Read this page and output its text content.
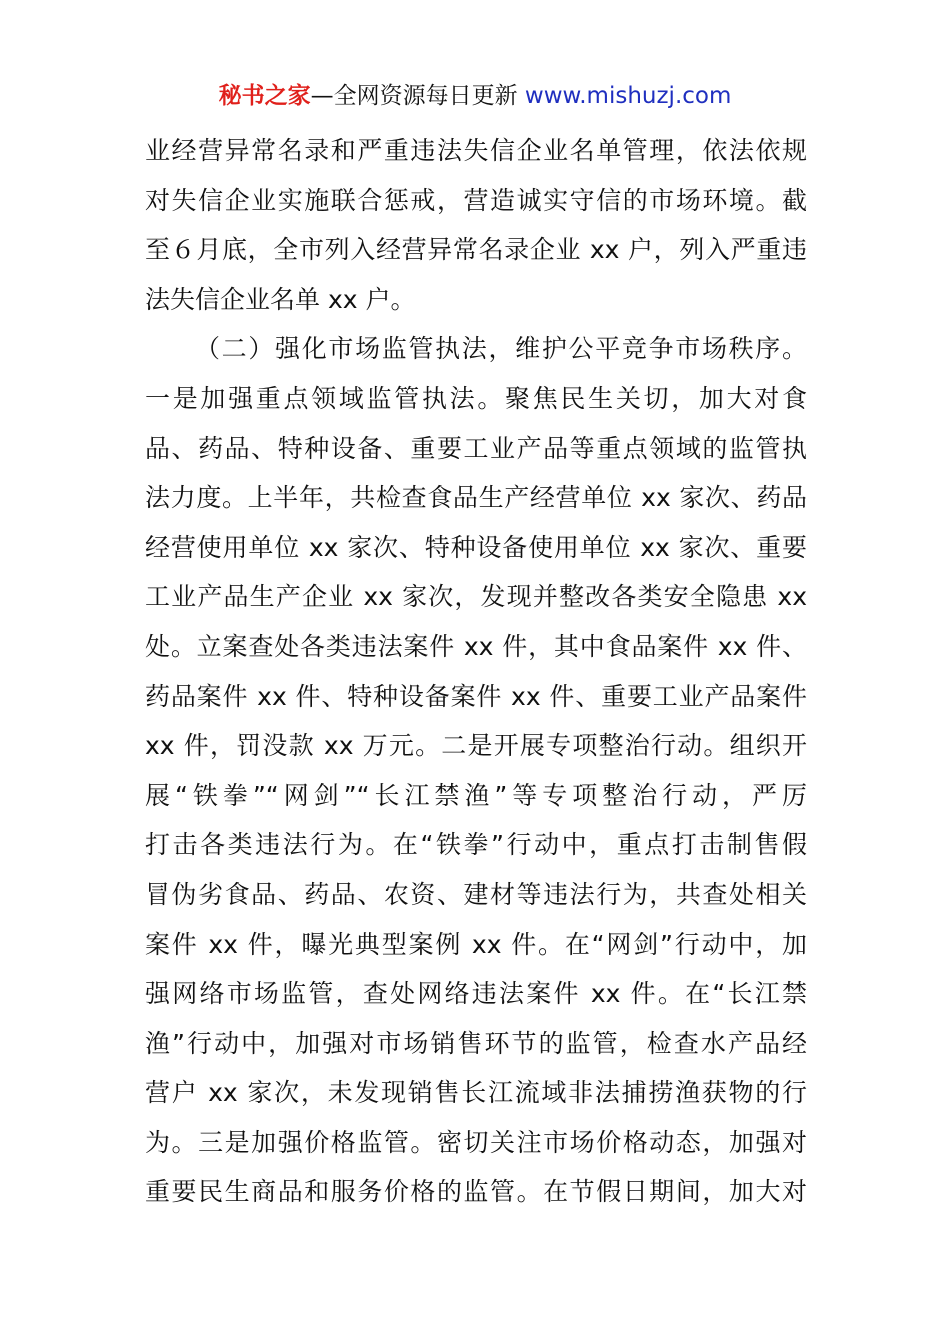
秘书之家—全网资源每日更新 www.mishuzj.com
业经营异常名录和严重违法失信企业名单管理，依法依规
对失信企业实施联合惩戒，营造诚实守信的市场环境。截
至６月底，全市列入经营异常名录企业 xx 户，列入严重违
法失信企业名单 xx 户。
（二）强化市场监管执法，维护公平竞争市场秩序。
一是加强重点领域监管执法。聚焦民生关切，加大对食
品、药品、特种设备、重要工业产品等重点领域的监管执
法力度。上半年，共检查食品生产经营单位 xx 家次、药品
经营使用单位 xx 家次、特种设备使用单位 xx 家次、重要
工业产品生产企业 xx 家次，发现并整改各类安全隐患 xx
处。立案查处各类违法案件 xx 件，其中食品案件 xx 件、
药品案件 xx 件、特种设备案件 xx 件、重要工业产品案件
xx 件，罚没款 xx 万元。二是开展专项整治行动。组织开
展“铁拳”“网剑”“长江禁渔”等专项整治行动，严厉
打击各类违法行为。在“铁拳”行动中，重点打击制售假
冒伪劣食品、药品、农资、建材等违法行为，共查处相关
案件 xx 件，曝光典型案例 xx 件。在“网剑”行动中，加
强网络市场监管，查处网络违法案件 xx 件。在“长江禁
渔”行动中，加强对市场销售环节的监管，检查水产品经
营户 xx 家次，未发现销售长江流域非法捕捞渔获物的行
为。三是加强价格监管。密切关注市场价格动态，加强对
重要民生商品和服务价格的监管。在节假日期间，加大对
